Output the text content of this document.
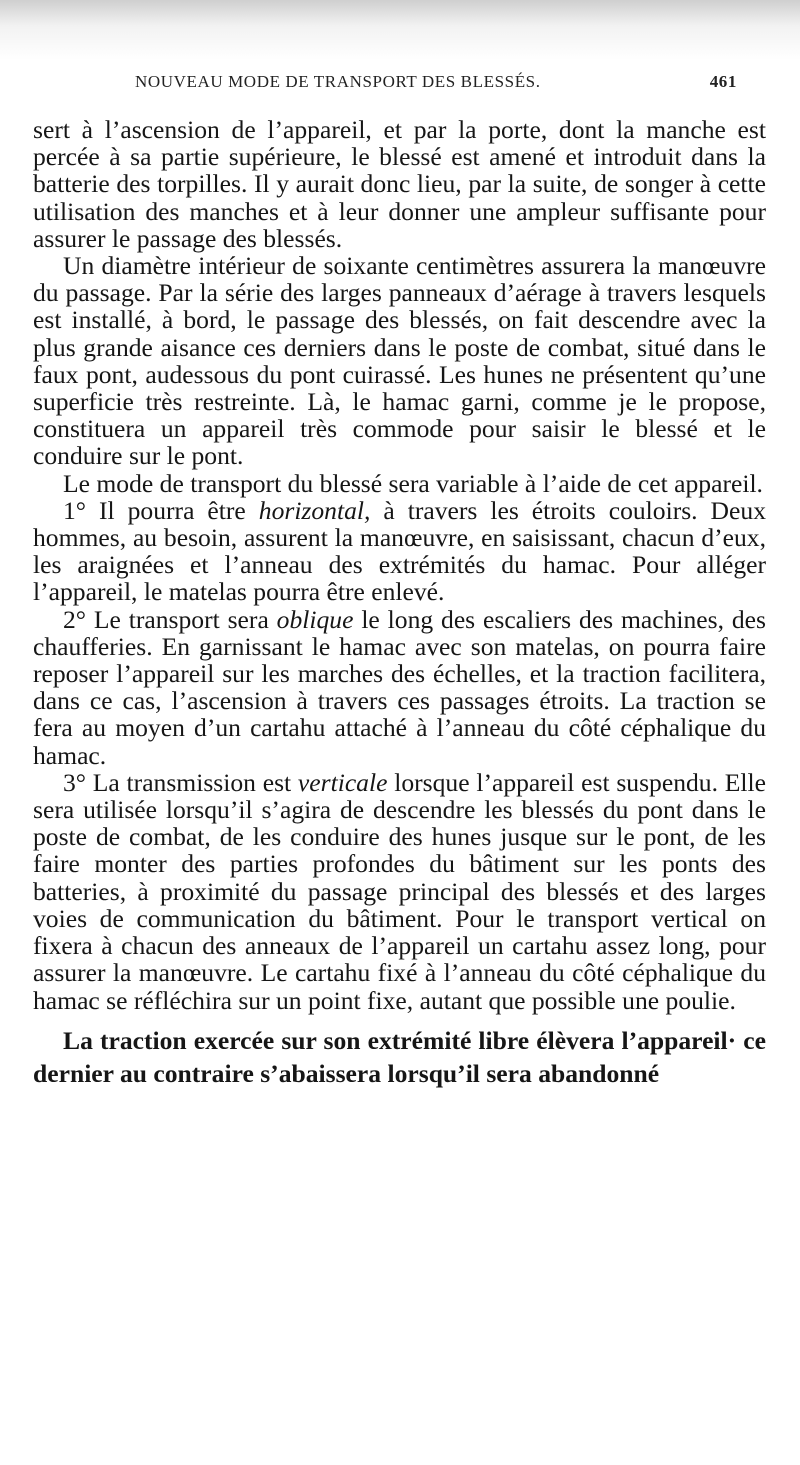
NOUVEAU MODE DE TRANSPORT DES BLESSÉS.	461

sert à l’ascension de l’appareil, et par la porte, dont la manche est percée à sa partie supérieure, le blessé est amené et introduit dans la batterie des torpilles. Il y aurait donc lieu, par la suite, de songer à cette utilisation des manches et à leur donner une ampleur suffisante pour assurer le passage des blessés.

Un diamètre intérieur de soixante centimètres assurera la manœuvre du passage. Par la série des larges panneaux d’aérage à travers lesquels est installé, à bord, le passage des blessés, on fait descendre avec la plus grande aisance ces derniers dans le poste de combat, situé dans le faux pont, audessous du pont cuirassé. Les hunes ne présentent qu’une superficie très restreinte. Là, le hamac garni, comme je le propose, constituera un appareil très commode pour saisir le blessé et le conduire sur le pont.

Le mode de transport du blessé sera variable à l’aide de cet appareil.

1° Il pourra être horizontal, à travers les étroits couloirs. Deux hommes, au besoin, assurent la manœuvre, en saisissant, chacun d’eux, les araignées et l’anneau des extrémités du hamac. Pour alléger l’appareil, le matelas pourra être enlevé.

2° Le transport sera oblique le long des escaliers des machines, des chaufferies. En garnissant le hamac avec son matelas, on pourra faire reposer l’appareil sur les marches des échelles, et la traction facilitera, dans ce cas, l’ascension à travers ces passages étroits. La traction se fera au moyen d’un cartahu attaché à l’anneau du côté céphalique du hamac.

3° La transmission est verticale lorsque l’appareil est suspendu. Elle sera utilisée lorsqu’il s’agira de descendre les blessés du pont dans le poste de combat, de les conduire des hunes jusque sur le pont, de les faire monter des parties profondes du bâtiment sur les ponts des batteries, à proximité du passage principal des blessés et des larges voies de communication du bâtiment. Pour le transport vertical on fixera à chacun des anneaux de l’appareil un cartahu assez long, pour assurer la manœuvre. Le cartahu fixé à l’anneau du côté céphalique du hamac se réfléchira sur un point fixe, autant que possible une poulie.

La traction exercée sur son extrémité libre élèvera l’appareil· ce dernier au contraire s’abaissera lorsqu’il sera abandonné
